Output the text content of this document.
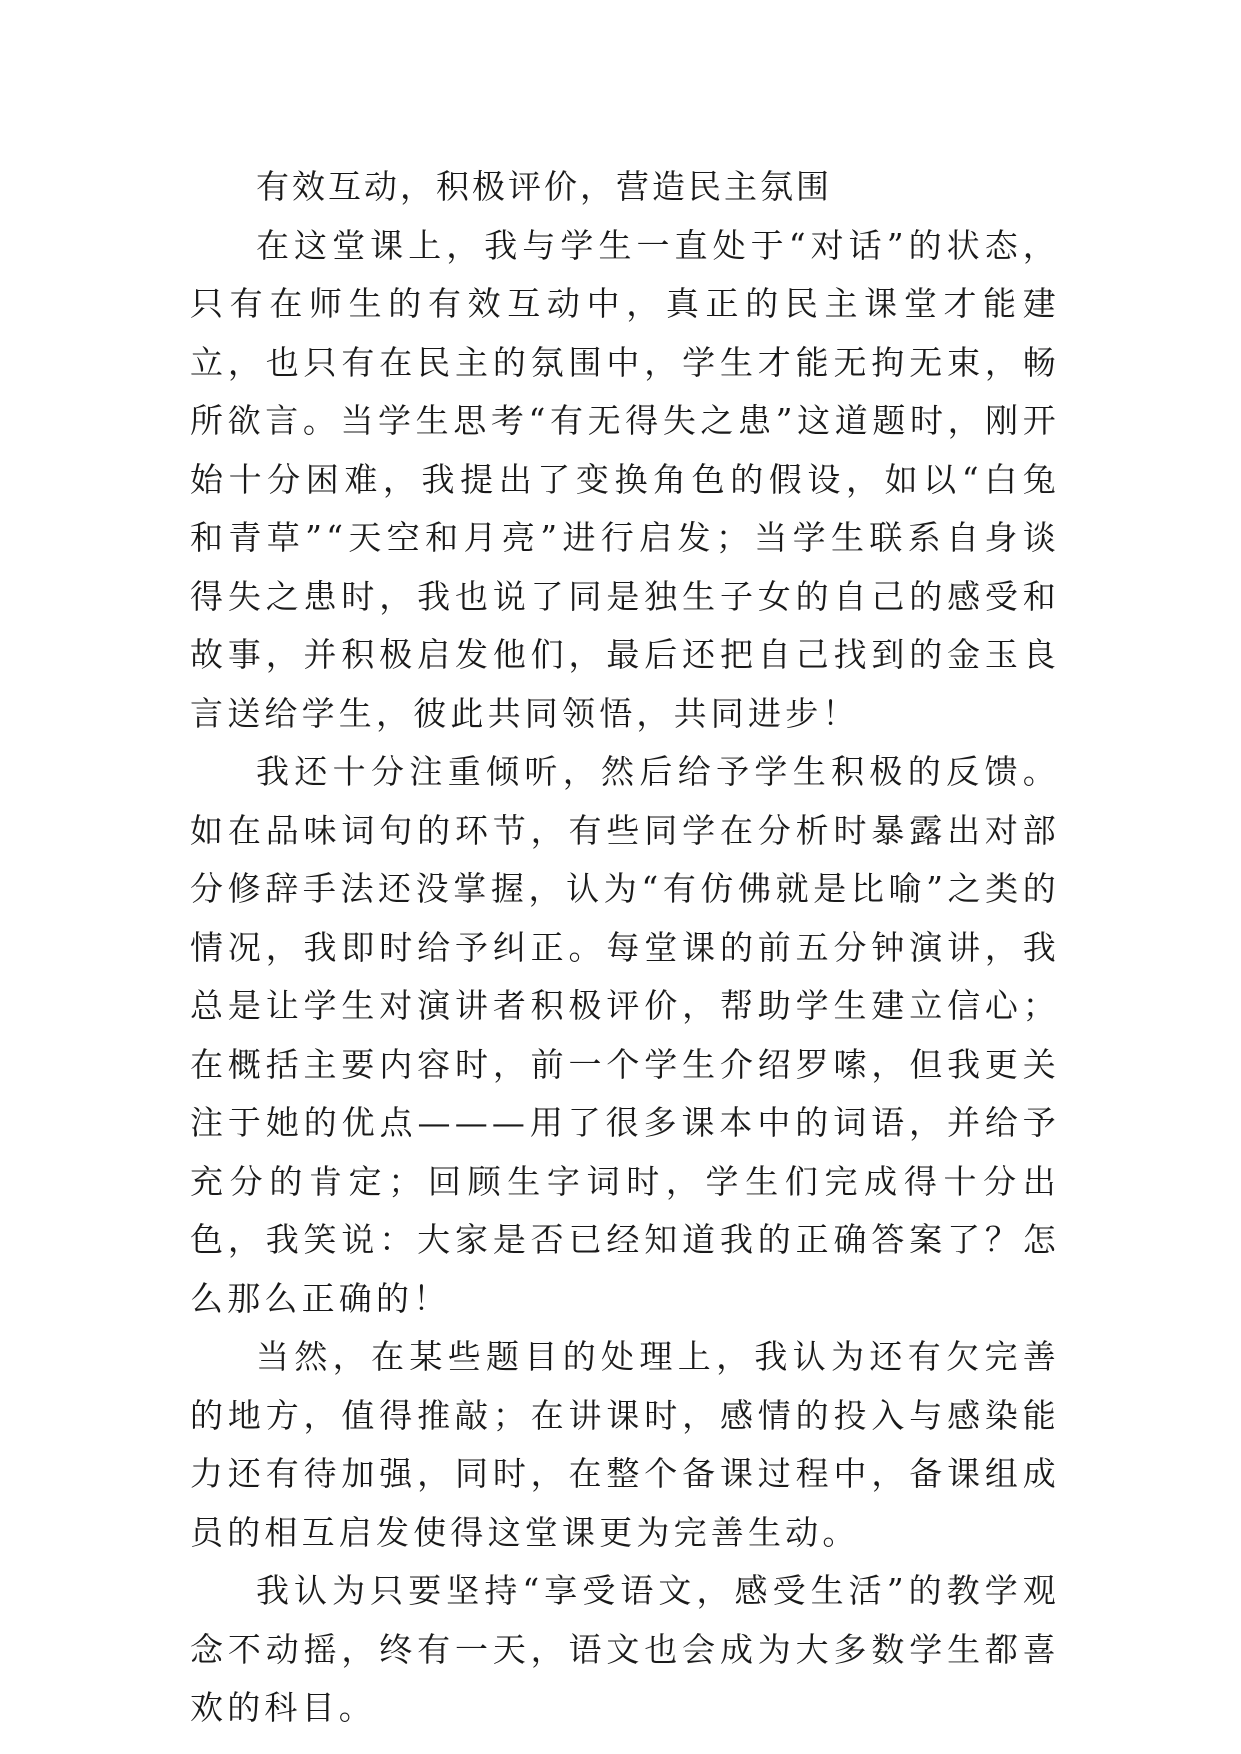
有效互动，积极评价，营造民主氛围

在这堂课上，我与学生一直处于“对话”的状态，只有在师生的有效互动中，真正的民主课堂才能建立，也只有在民主的氛围中，学生才能无拘无束，畅所欲言。当学生思考“有无得失之患”这道题时，刚开始十分困难，我提出了变换角色的假设，如以“白兔和青草”“天空和月亮”进行启发；当学生联系自身谈得失之患时，我也说了同是独生子女的自己的感受和故事，并积极启发他们，最后还把自己找到的金玉良言送给学生，彼此共同领悟，共同进步！

我还十分注重倾听，然后给予学生积极的反馈。如在品味词句的环节，有些同学在分析时暴露出对部分修辞手法还没掌握，认为“有仿佛就是比喻”之类的情况，我即时给予纠正。每堂课的前五分钟演讲，我总是让学生对演讲者积极评价，帮助学生建立信心；在概括主要内容时，前一个学生介绍罗嗦，但我更关注于她的优点———用了很多课本中的词语，并给予充分的肯定；回顾生字词时，学生们完成得十分出色，我笑说：大家是否已经知道我的正确答案了？怎么那么正确的！

当然，在某些题目的处理上，我认为还有欠完善的地方，值得推敲；在讲课时，感情的投入与感染能力还有待加强，同时，在整个备课过程中，备课组成员的相互启发使得这堂课更为完善生动。

我认为只要坚持“享受语文，感受生活”的教学观念不动摇，终有一天，语文也会成为大多数学生都喜欢的科目。
